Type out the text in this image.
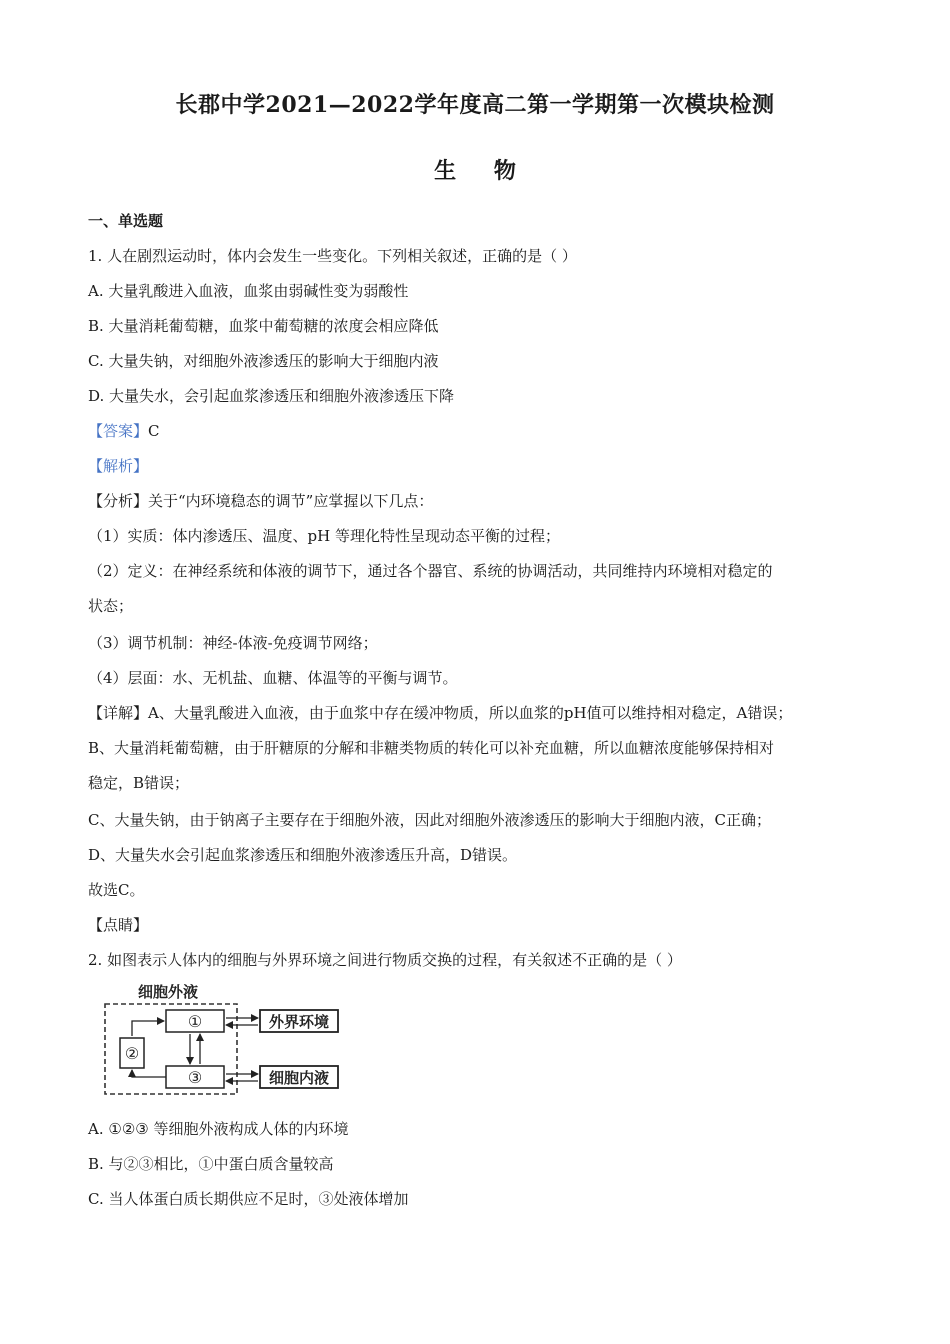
长郡中学2021—2022学年度高二第一学期第一次模块检测
生 物
一、单选题
1. 人在剧烈运动时，体内会发生一些变化。下列相关叙述，正确的是（ ）
A. 大量乳酸进入血液，血浆由弱碱性变为弱酸性
B. 大量消耗葡萄糖，血浆中葡萄糖的浓度会相应降低
C. 大量失钠，对细胞外液渗透压的影响大于细胞内液
D. 大量失水，会引起血浆渗透压和细胞外液渗透压下降
【答案】C
【解析】
【分析】关于“内环境稳态的调节”应掌握以下几点：
（1）实质：体内渗透压、温度、pH 等理化特性呈现动态平衡的过程；
（2）定义：在神经系统和体液的调节下，通过各个器官、系统的协调活动，共同维持内环境相对稳定的
状态；
（3）调节机制：神经-体液-免疫调节网络；
（4）层面：水、无机盐、血糖、体温等的平衡与调节。
【详解】A、大量乳酸进入血液，由于血浆中存在缓冲物质，所以血浆的pH值可以维持相对稳定，A错误；
B、大量消耗葡萄糖，由于肝糖原的分解和非糖类物质的转化可以补充血糖，所以血糖浓度能够保持相对
稳定，B错误；
C、大量失钠，由于钠离子主要存在于细胞外液，因此对细胞外液渗透压的影响大于细胞内液，C正确；
D、大量失水会引起血浆渗透压和细胞外液渗透压升高，D错误。
故选C。
【点睛】
2. 如图表示人体内的细胞与外界环境之间进行物质交换的过程，有关叙述不正确的是（ ）
细胞外液
①
②
③
外界环境
细胞内液
A. ①②③ 等细胞外液构成人体的内环境
B. 与②③相比，①中蛋白质含量较高
C. 当人体蛋白质长期供应不足时，③处液体增加
